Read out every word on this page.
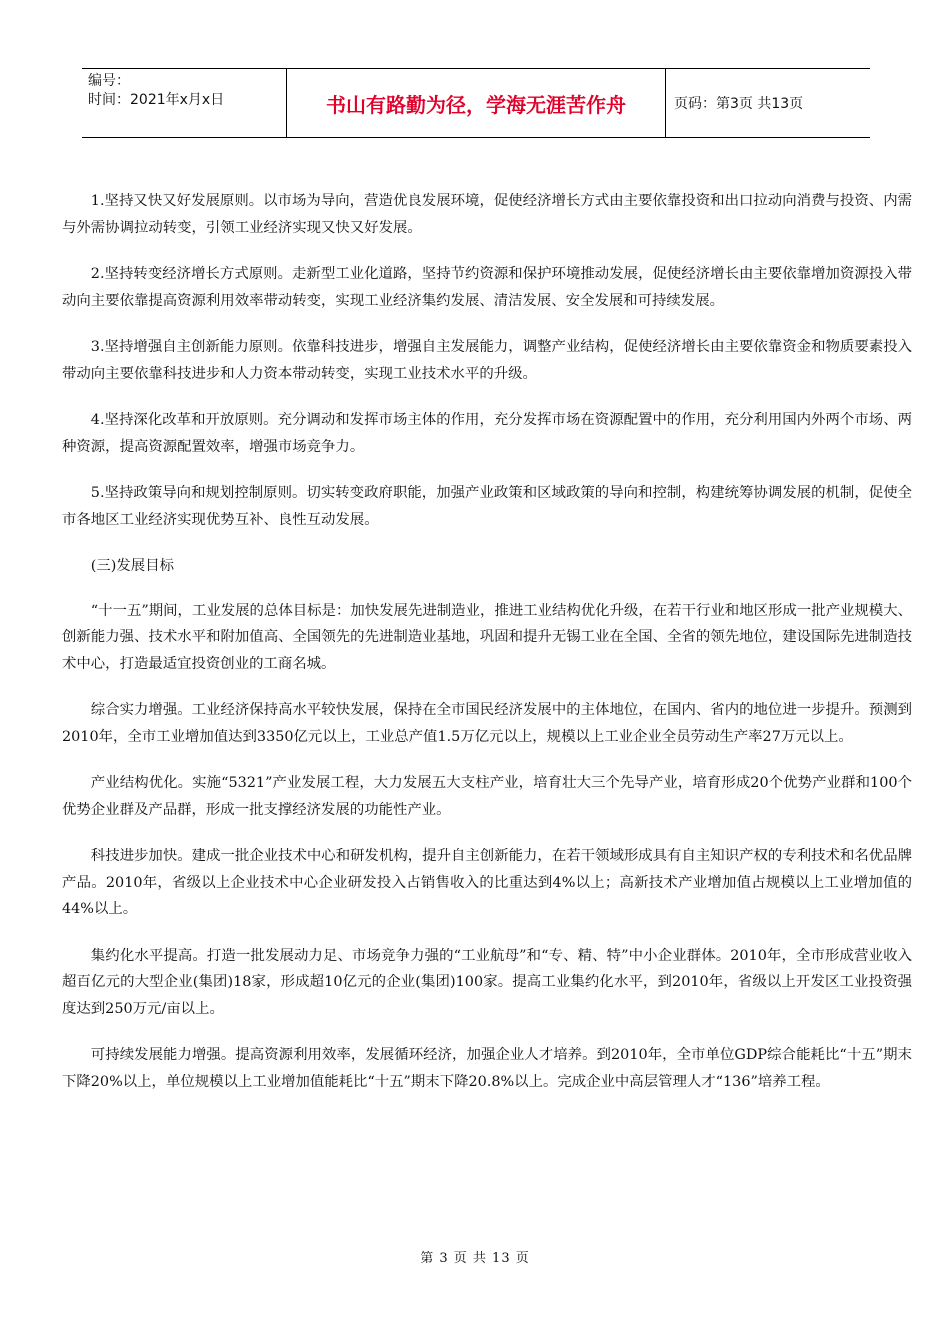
编号：
时间：2021年x月x日	书山有路勤为径，学海无涯苦作舟	页码：第3页 共13页

1.坚持又快又好发展原则。以市场为导向，营造优良发展环境，促使经济增长方式由主要依靠投资和出口拉动向消费与投资、内需与外需协调拉动转变，引领工业经济实现又快又好发展。

2.坚持转变经济增长方式原则。走新型工业化道路，坚持节约资源和保护环境推动发展，促使经济增长由主要依靠增加资源投入带动向主要依靠提高资源利用效率带动转变，实现工业经济集约发展、清洁发展、安全发展和可持续发展。

3.坚持增强自主创新能力原则。依靠科技进步，增强自主发展能力，调整产业结构，促使经济增长由主要依靠资金和物质要素投入带动向主要依靠科技进步和人力资本带动转变，实现工业技术水平的升级。

4.坚持深化改革和开放原则。充分调动和发挥市场主体的作用，充分发挥市场在资源配置中的作用，充分利用国内外两个市场、两种资源，提高资源配置效率，增强市场竞争力。

5.坚持政策导向和规划控制原则。切实转变政府职能，加强产业政策和区域政策的导向和控制，构建统筹协调发展的机制，促使全市各地区工业经济实现优势互补、良性互动发展。

(三)发展目标

“十一五”期间，工业发展的总体目标是：加快发展先进制造业，推进工业结构优化升级，在若干行业和地区形成一批产业规模大、创新能力强、技术水平和附加值高、全国领先的先进制造业基地，巩固和提升无锡工业在全国、全省的领先地位，建设国际先进制造技术中心，打造最适宜投资创业的工商名城。

综合实力增强。工业经济保持高水平较快发展，保持在全市国民经济发展中的主体地位，在国内、省内的地位进一步提升。预测到2010年，全市工业增加值达到3350亿元以上，工业总产值1.5万亿元以上，规模以上工业企业全员劳动生产率27万元以上。

产业结构优化。实施“5321”产业发展工程，大力发展五大支柱产业，培育壮大三个先导产业，培育形成20个优势产业群和100个优势企业群及产品群，形成一批支撑经济发展的功能性产业。

科技进步加快。建成一批企业技术中心和研发机构，提升自主创新能力，在若干领域形成具有自主知识产权的专利技术和名优品牌产品。2010年，省级以上企业技术中心企业研发投入占销售收入的比重达到4%以上；高新技术产业增加值占规模以上工业增加值的44%以上。

集约化水平提高。打造一批发展动力足、市场竞争力强的“工业航母”和“专、精、特”中小企业群体。2010年，全市形成营业收入超百亿元的大型企业(集团)18家，形成超10亿元的企业(集团)100家。提高工业集约化水平，到2010年，省级以上开发区工业投资强度达到250万元/亩以上。

可持续发展能力增强。提高资源利用效率，发展循环经济，加强企业人才培养。到2010年，全市单位GDP综合能耗比“十五”期末下降20%以上，单位规模以上工业增加值能耗比“十五”期末下降20.8%以上。完成企业中高层管理人才“136”培养工程。

第 3 页 共 13 页
